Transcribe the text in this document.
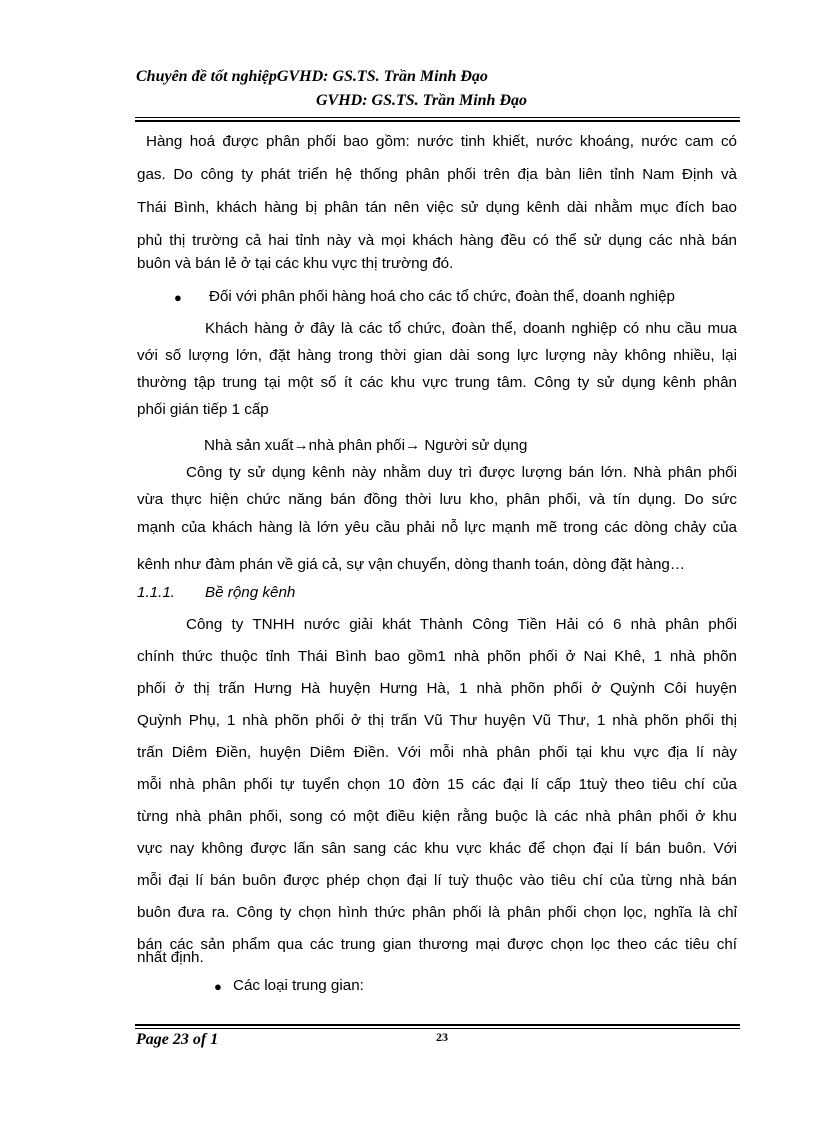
Chuyên đề tốt nghiệpGVHD: GS.TS. Trần Minh Đạo
GVHD: GS.TS. Trần Minh Đạo
Hàng hoá được phân phối bao gồm: nước tinh khiết, nước khoáng, nước cam có
gas. Do công ty phát triển hệ thống phân phối trên địa bàn liên tỉnh Nam Định và
Thái Bình, khách hàng bị phân tán nên việc sử dụng kênh dài nhằm mục đích bao
phủ thị trường cả hai tỉnh này và mọi khách hàng đều có thể sử dụng các nhà bán
buôn và bán lẻ ở tại các khu vực thị trường đó.
● Đối với phân phối hàng hoá cho các tổ chức, đoàn thể, doanh nghiệp
Khách hàng ở đây là các tổ chức, đoàn thể, doanh nghiệp có nhu cầu mua
với số lượng lớn, đặt hàng trong thời gian dài song lực lượng này không nhiều, lại
thường tập trung tại một số ít các khu vực trung tâm. Công ty sử dụng kênh phân
phối gián tiếp 1 cấp
Nhà sản xuất→nhà phân phối→ Người sử dụng
Công ty sử dụng kênh này nhằm duy trì được lượng bán lớn. Nhà phân phối
vừa thực hiện chức năng bán đồng thời lưu kho, phân phối, và tín dụng. Do sức
mạnh của khách hàng là lớn yêu cầu phải nỗ lực mạnh mẽ trong các dòng chảy của
kênh như đàm phán về giá cả, sự vận chuyển, dòng thanh toán, dòng đặt hàng…
1.1.1. Bề rộng kênh
Công ty TNHH nước giải khát Thành Công Tiền Hải có 6 nhà phân phối
chính thức thuộc tỉnh Thái Bình bao gồm1 nhà phõn phối ở Nai Khê, 1 nhà phõn
phối ở thị trấn Hưng Hà huyện Hưng Hà, 1 nhà phõn phối ở Quỳnh Côi huyện
Quỳnh Phụ, 1 nhà phõn phối ở thị trấn Vũ Thư huyện Vũ Thư, 1 nhà phõn phối thị
trấn Diêm Điền, huyện Diêm Điền. Với mỗi nhà phân phối tại khu vực địa lí này
mỗi nhà phân phối tự tuyển chọn 10 đờn 15 các đại lí cấp 1tuỳ theo tiêu chí của
từng nhà phân phối, song có một điều kiện rằng buộc là các nhà phân phối ở khu
vực nay không được lấn sân sang các khu vực khác để chọn đại lí bán buôn. Với
mỗi đại lí bán buôn được phép chọn đại lí tuỳ thuộc vào tiêu chí của từng nhà bán
buôn đưa ra. Công ty chọn hình thức phân phối là phân phối chọn lọc, nghĩa là chỉ
bán các sản phẩm qua các trung gian thương mại được chọn lọc theo các tiêu chí
nhất định.
● Các loại trung gian:
Page 23 of 1	23
